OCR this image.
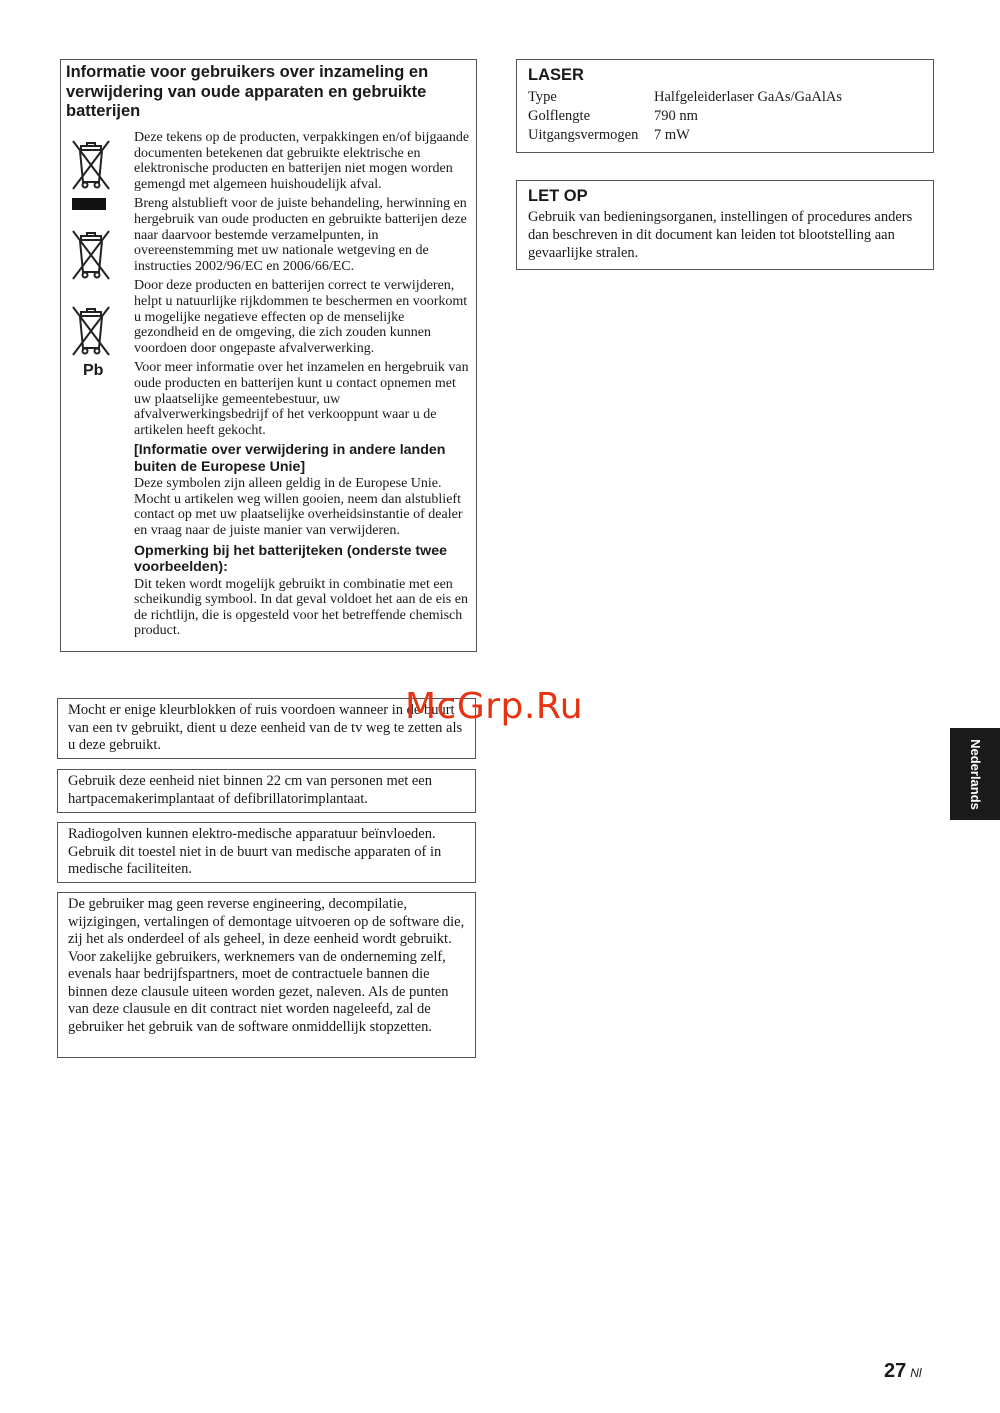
Informatie voor gebruikers over inzameling en verwijdering van oude apparaten en gebruikte batterijen
Pb

Deze tekens op de producten, verpakkingen en/of bijgaande documenten betekenen dat gebruikte elektrische en elektronische producten en batterijen niet mogen worden gemengd met algemeen huishoudelijk afval.

Breng alstublieft voor de juiste behandeling, herwinning en hergebruik van oude producten en gebruikte batterijen deze naar daarvoor bestemde verzamelpunten, in overeenstemming met uw nationale wetgeving en de instructies 2002/96/EC en 2006/66/EC.

Door deze producten en batterijen correct te verwijderen, helpt u natuurlijke rijkdommen te beschermen en voorkomt u mogelijke negatieve effecten op de menselijke gezondheid en de omgeving, die zich zouden kunnen voordoen door ongepaste afvalverwerking.

Voor meer informatie over het inzamelen en hergebruik van oude producten en batterijen kunt u contact opnemen met uw plaatselijke gemeentebestuur, uw afvalverwerkingsbedrijf of het verkooppunt waar u de artikelen heeft gekocht.

[Informatie over verwijdering in andere landen buiten de Europese Unie]

Deze symbolen zijn alleen geldig in de Europese Unie. Mocht u artikelen weg willen gooien, neem dan alstublieft contact op met uw plaatselijke overheidsinstantie of dealer en vraag naar de juiste manier van verwijderen.

Opmerking bij het batterijteken (onderste twee voorbeelden):

Dit teken wordt mogelijk gebruikt in combinatie met een scheikundig symbool. In dat geval voldoet het aan de eis en de richtlijn, die is opgesteld voor het betreffende chemisch product.

LASER
Type	Halfgeleiderlaser GaAs/GaAlAs
Golflengte	790 nm
Uitgangsvermogen	7 mW
LET OP
Gebruik van bedieningsorganen, instellingen of procedures anders dan beschreven in dit document kan leiden tot blootstelling aan gevaarlijke stralen.

Mocht er enige kleurblokken of ruis voordoen wanneer in de buurt van een tv gebruikt, dient u deze eenheid van de tv weg te zetten als u deze gebruikt.

Gebruik deze eenheid niet binnen 22 cm van personen met een hartpacemakerimplantaat of defibrillatorimplantaat.

Radiogolven kunnen elektro-medische apparatuur beïnvloeden. Gebruik dit toestel niet in de buurt van medische apparaten of in medische faciliteiten.

De gebruiker mag geen reverse engineering, decompilatie, wijzigingen, vertalingen of demontage uitvoeren op de software die, zij het als onderdeel of als geheel, in deze eenheid wordt gebruikt. Voor zakelijke gebruikers, werknemers van de onderneming zelf, evenals haar bedrijfspartners, moet de contractuele bannen die binnen deze clausule uiteen worden gezet, naleven. Als de punten van deze clausule en dit contract niet worden nageleefd, zal de gebruiker het gebruik van de software onmiddellijk stopzetten.

McGrp.Ru
Nederlands
27 Nl
